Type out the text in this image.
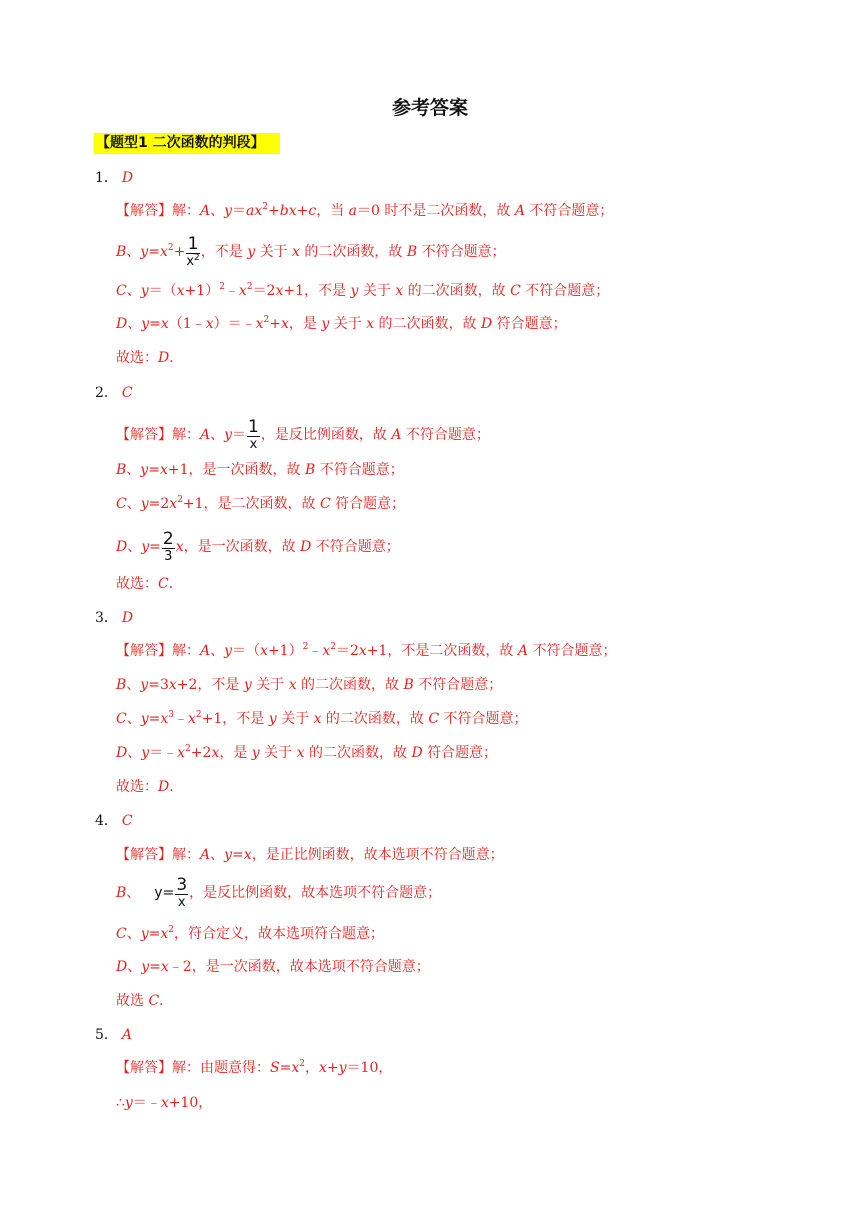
参考答案
【题型1 二次函数的判段】
1． D
【解答】解：A、$y=ax^2+bx+c$，当 a＝0 时不是二次函数，故 A 不符合题意；
B、$y=x^2+ \frac{1}{x^2}$ ，不是 y 关于 x 的二次函数，故 B 不符合题意；
C、$y=(x+1)^2﹣x^2=2x+1$，不是 y 关于 x 的二次函数，故 C 不符合题意；
D、$y=x(1﹣x)=﹣x^2+x$，是 y 关于 x 的二次函数，故 D 符合题意；
故选：D．
2． C
【解答】解：A、$y= \frac{1}{x}$ ，是反比例函数，故 A 不符合题意；
B、y=x+1，是一次函数，故 B 不符合题意；
C、$y=2x^2+1$，是二次函数，故 C 符合题意；
D、$y= \frac{2}{3}$ x，是一次函数，故 D 不符合题意；
故选：C．
3． D
【解答】解：A、$y=(x+1)^2﹣x^2=2x+1$，不是二次函数，故 A 不符合题意；
B、y=3x+2，不是 y 关于 x 的二次函数，故 B 不符合题意；
C、$y=x^3﹣x^2+1$，不是 y 关于 x 的二次函数，故 C 不符合题意；
D、$y=﹣x^2+2x$，是 y 关于 x 的二次函数，故 D 符合题意；
故选：D．
4． C
【解答】解：A、y=x，是正比例函数，故本选项不符合题意；
B、 $y= \frac{3}{x}$ ，是反比例函数，故本选项不符合题意；
C、$y=x^2$，符合定义，故本选项符合题意；
D、y=x﹣2，是一次函数，故本选项不符合题意；
故选 C．
5． A
【解答】解：由题意得：$S=x^2$，x+y＝10，
∴y＝﹣x+10，
